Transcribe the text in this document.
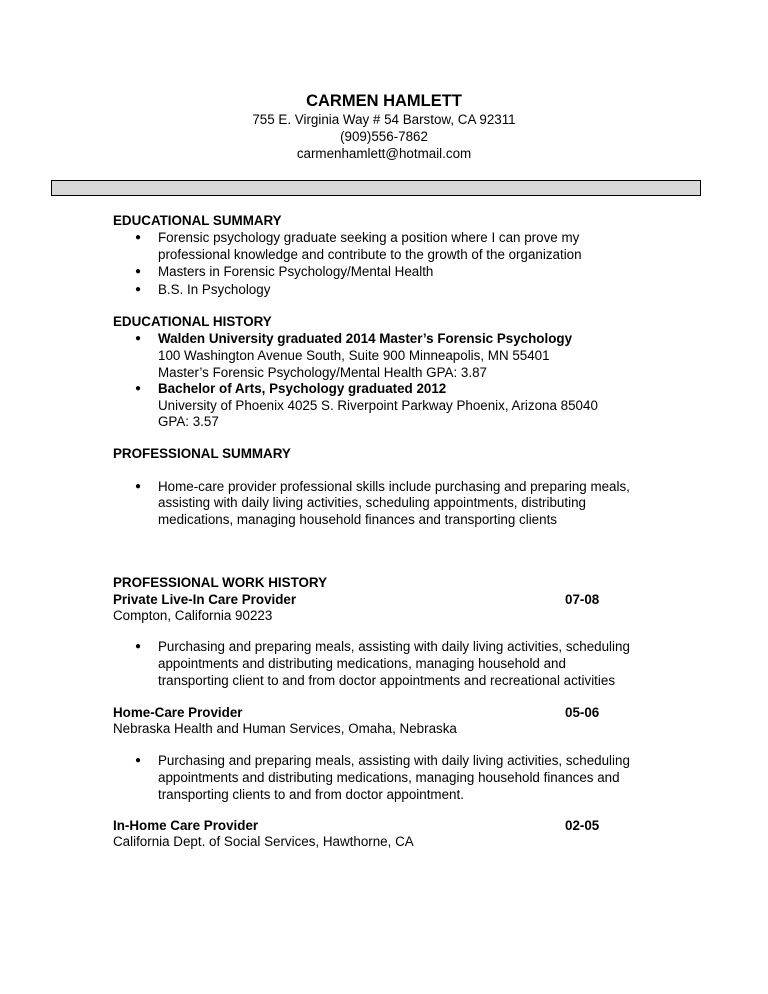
CARMEN HAMLETT
755 E. Virginia Way # 54 Barstow, CA 92311
(909)556-7862
carmenhamlett@hotmail.com
EDUCATIONAL SUMMARY
● Forensic psychology graduate seeking a position where I can prove my
professional knowledge and contribute to the growth of the organization
● Masters in Forensic Psychology/Mental Health
● B.S. In Psychology
EDUCATIONAL HISTORY
● Walden University graduated 2014 Master’s Forensic Psychology
100 Washington Avenue South, Suite 900 Minneapolis, MN 55401
Master’s Forensic Psychology/Mental Health GPA: 3.87
● Bachelor of Arts, Psychology graduated 2012
University of Phoenix 4025 S. Riverpoint Parkway Phoenix, Arizona 85040
GPA: 3.57
PROFESSIONAL SUMMARY
● Home-care provider professional skills include purchasing and preparing meals,
assisting with daily living activities, scheduling appointments, distributing
medications, managing household finances and transporting clients
PROFESSIONAL WORK HISTORY
Private Live-In Care Provider	07-08
Compton, California 90223
● Purchasing and preparing meals, assisting with daily living activities, scheduling
appointments and distributing medications, managing household and
transporting client to and from doctor appointments and recreational activities
Home-Care Provider	05-06
Nebraska Health and Human Services, Omaha, Nebraska
● Purchasing and preparing meals, assisting with daily living activities, scheduling
appointments and distributing medications, managing household finances and
transporting clients to and from doctor appointment.
In-Home Care Provider	02-05
California Dept. of Social Services, Hawthorne, CA
